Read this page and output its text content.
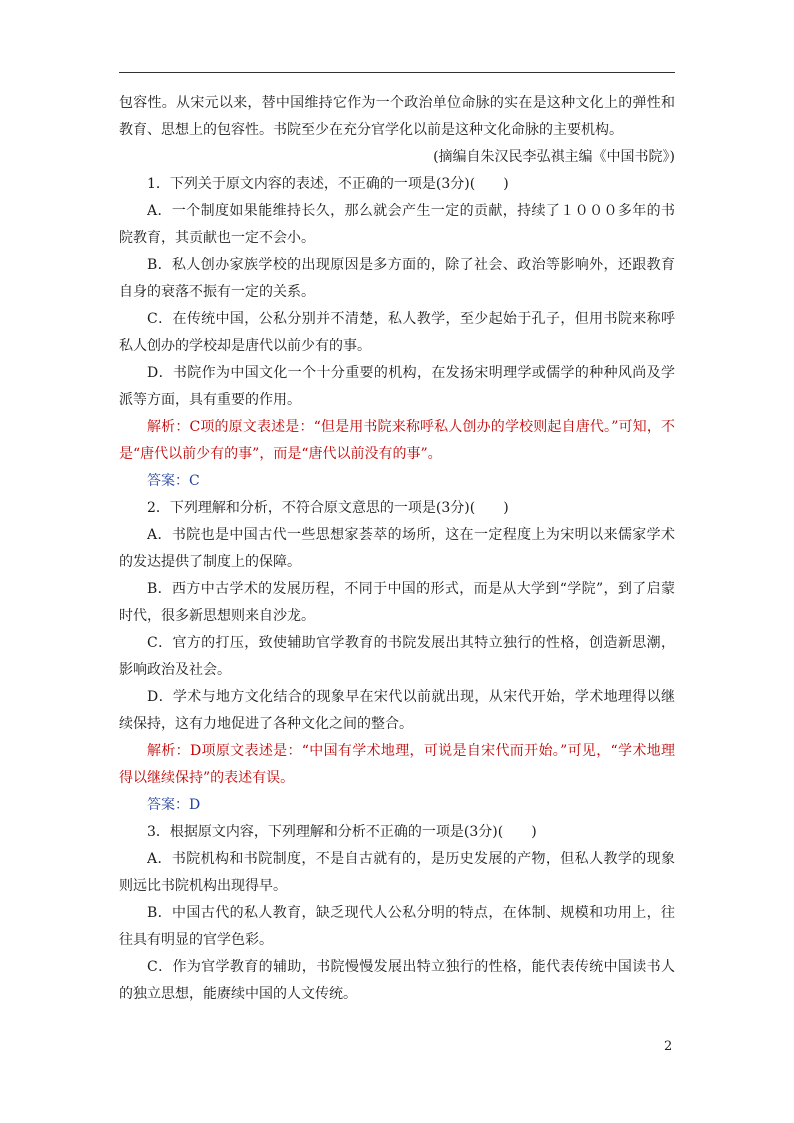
包容性。从宋元以来，替中国维持它作为一个政治单位命脉的实在是这种文化上的弹性和教育、思想上的包容性。书院至少在充分官学化以前是这种文化命脉的主要机构。

(摘编自朱汉民李弘祺主编《中国书院》)

1．下列关于原文内容的表述，不正确的一项是(3分)(　　)

A．一个制度如果能维持长久，那么就会产生一定的贡献，持续了１０００多年的书院教育，其贡献也一定不会小。

B．私人创办家族学校的出现原因是多方面的，除了社会、政治等影响外，还跟教育自身的衰落不振有一定的关系。

C．在传统中国，公私分别并不清楚，私人教学，至少起始于孔子，但用书院来称呼私人创办的学校却是唐代以前少有的事。

D．书院作为中国文化一个十分重要的机构，在发扬宋明理学或儒学的种种风尚及学派等方面，具有重要的作用。

解析：C项的原文表述是：“但是用书院来称呼私人创办的学校则起自唐代。”可知，不是“唐代以前少有的事”，而是“唐代以前没有的事”。

答案：C

2．下列理解和分析，不符合原文意思的一项是(3分)(　　)

A．书院也是中国古代一些思想家荟萃的场所，这在一定程度上为宋明以来儒家学术的发达提供了制度上的保障。

B．西方中古学术的发展历程，不同于中国的形式，而是从大学到“学院”，到了启蒙时代，很多新思想则来自沙龙。

C．官方的打压，致使辅助官学教育的书院发展出其特立独行的性格，创造新思潮，影响政治及社会。

D．学术与地方文化结合的现象早在宋代以前就出现，从宋代开始，学术地理得以继续保持，这有力地促进了各种文化之间的整合。

解析：D项原文表述是：“中国有学术地理，可说是自宋代而开始。”可见，“学术地理得以继续保持”的表述有误。

答案：D

3．根据原文内容，下列理解和分析不正确的一项是(3分)(　　)

A．书院机构和书院制度，不是自古就有的，是历史发展的产物，但私人教学的现象则远比书院机构出现得早。

B．中国古代的私人教育，缺乏现代人公私分明的特点，在体制、规模和功用上，往往具有明显的官学色彩。

C．作为官学教育的辅助，书院慢慢发展出特立独行的性格，能代表传统中国读书人的独立思想，能赓续中国的人文传统。

2
